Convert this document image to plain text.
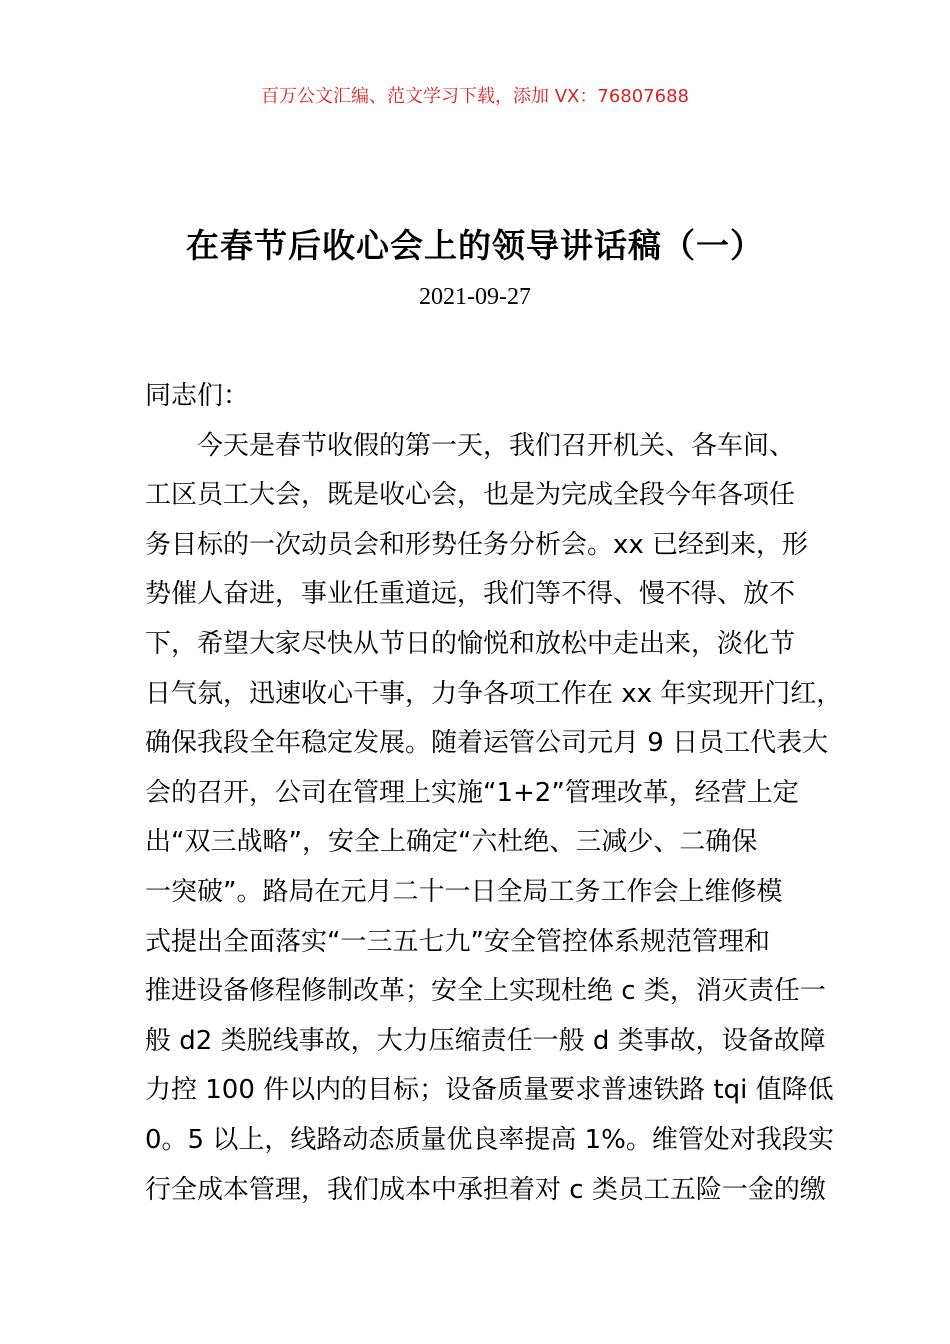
百万公文汇编、范文学习下载，添加 VX：76807688
在春节后收心会上的领导讲话稿（一）
2021-09-27
同志们：
今天是春节收假的第一天，我们召开机关、各车间、
工区员工大会，既是收心会，也是为完成全段今年各项任
务目标的一次动员会和形势任务分析会。xx 已经到来，形
势催人奋进，事业任重道远，我们等不得、慢不得、放不
下，希望大家尽快从节日的愉悦和放松中走出来，淡化节
日气氛，迅速收心干事，力争各项工作在 xx 年实现开门红，
确保我段全年稳定发展。随着运管公司元月 9 日员工代表大
会的召开，公司在管理上实施“1+2”管理改革，经营上定
出“双三战略”，安全上确定“六杜绝、三减少、二确保
一突破”。路局在元月二十一日全局工务工作会上维修模
式提出全面落实“一三五七九”安全管控体系规范管理和
推进设备修程修制改革；安全上实现杜绝 c 类，消灭责任一
般 d2 类脱线事故，大力压缩责任一般 d 类事故，设备故障
力控 100 件以内的目标；设备质量要求普速铁路 tqi 值降低
0。5 以上，线路动态质量优良率提高 1%。维管处对我段实
行全成本管理，我们成本中承担着对 c 类员工五险一金的缴
